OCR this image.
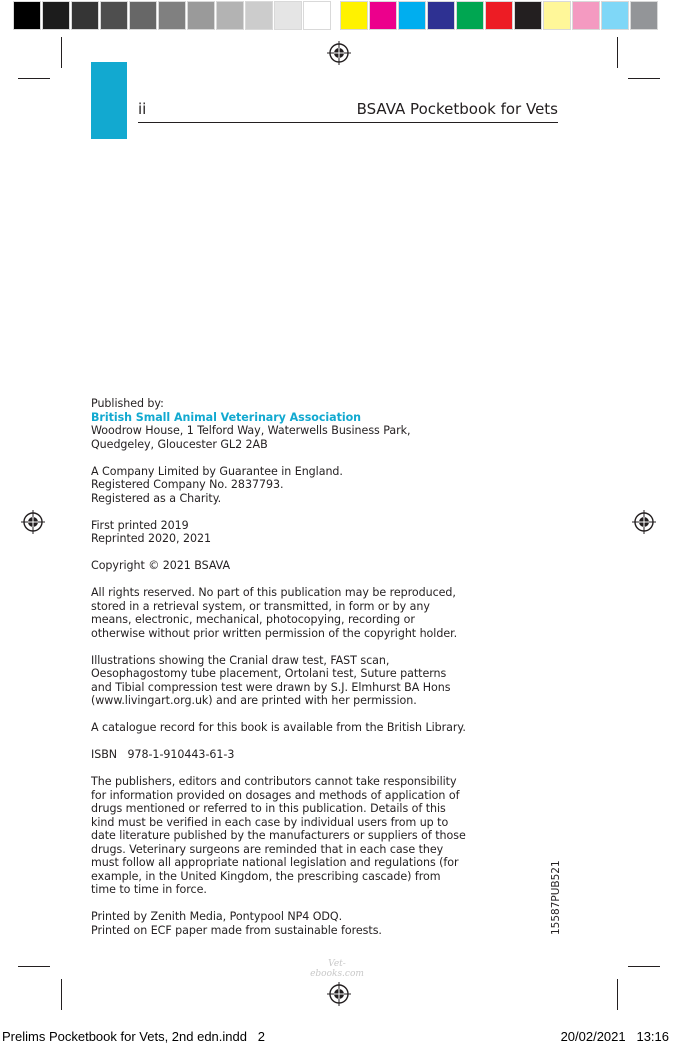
ii	BSAVA Pocketbook for Vets

Published by:
British Small Animal Veterinary Association
Woodrow House, 1 Telford Way, Waterwells Business Park,
Quedgeley, Gloucester GL2 2AB

A Company Limited by Guarantee in England.
Registered Company No. 2837793.
Registered as a Charity.

First printed 2019
Reprinted 2020, 2021

Copyright © 2021 BSAVA

All rights reserved. No part of this publication may be reproduced,
stored in a retrieval system, or transmitted, in form or by any
means, electronic, mechanical, photocopying, recording or
otherwise without prior written permission of the copyright holder.

Illustrations showing the Cranial draw test, FAST scan,
Oesophagostomy tube placement, Ortolani test, Suture patterns
and Tibial compression test were drawn by S.J. Elmhurst BA Hons
(www.livingart.org.uk) and are printed with her permission.

A catalogue record for this book is available from the British Library.

ISBN   978-1-910443-61-3

The publishers, editors and contributors cannot take responsibility
for information provided on dosages and methods of application of
drugs mentioned or referred to in this publication. Details of this
kind must be verified in each case by individual users from up to
date literature published by the manufacturers or suppliers of those
drugs. Veterinary surgeons are reminded that in each case they
must follow all appropriate national legislation and regulations (for
example, in the United Kingdom, the prescribing cascade) from
time to time in force.

Printed by Zenith Media, Pontypool NP4 ODQ.
Printed on ECF paper made from sustainable forests.	15587PUB521
Vet-ebooks.com
Prelims Pocketbook for Vets, 2nd edn.indd   2	20/02/2021   13:16
